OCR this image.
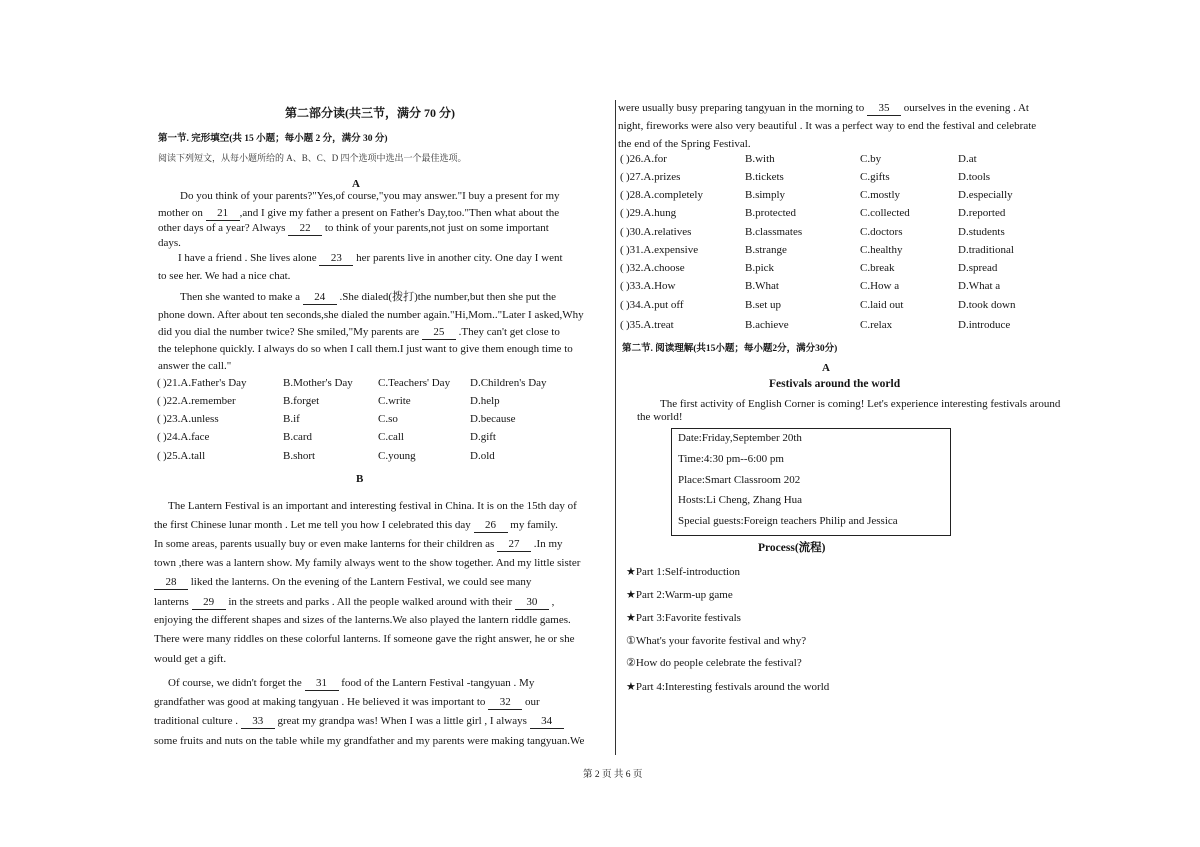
第二部分读(共三节，满分 70 分)
第一节. 完形填空(共 15 小题；每小题 2 分，满分 30 分)
阅读下列短文，从每小题所给的 A、B、C、D 四个选项中选出一个最佳选项。
A
Do you think of your parents?"Yes,of course,"you may answer."I buy a present for my
mother on 21 ,and I give my father a present on Father's Day,too."Then what about the
other days of a year? Always 22 to think of your parents,not just on some important
days.
I have a friend . She lives alone 23 her parents live in another city. One day I went
to see her. We had a nice chat.
Then she wanted to make a 24 .She dialed(拨打)the number,but then she put the
phone down. After about ten seconds,she dialed the number again."Hi,Mom.."Later I asked,Why
did you dial the number twice? She smiled,"My parents are 25 .They can't get close to
the telephone quickly. I always do so when I call them.I just want to give them enough time to
answer the call."
( )21.A.Father's Day	B.Mother's Day C.Teachers' Day D.Children's Day
( )22.A.remember	B.forget	C.write	D.help
( )23.A.unless	B.if	C.so	D.because
( )24.A.face	B.card	C.call	D.gift
( )25.A.tall	B.short	C.young	D.old
B
The Lantern Festival is an important and interesting festival in China. It is on the 15th day of
the first Chinese lunar month . Let me tell you how I celebrated this day 26 my family.
In some areas, parents usually buy or even make lanterns for their children as 27 .In my
town ,there was a lantern show. My family always went to the show together. And my little sister
28 liked the lanterns. On the evening of the Lantern Festival, we could see many
lanterns 29 in the streets and parks . All the people walked around with their 30 ,
enjoying the different shapes and sizes of the lanterns.We also played the lantern riddle games.
There were many riddles on these colorful lanterns. If someone gave the right answer, he or she
would get a gift.
Of course, we didn't forget the 31 food of the Lantern Festival -tangyuan . My
grandfather was good at making tangyuan . He believed it was important to 32 our
traditional culture . 33 great my grandpa was! When I was a little girl , I always 34
some fruits and nuts on the table while my grandfather and my parents were making tangyuan.We
were usually busy preparing tangyuan in the morning to 35 ourselves in the evening . At
night, fireworks were also very beautiful . It was a perfect way to end the festival and celebrate
the end of the Spring Festival.
( )26.A.for	B.with	C.by	D.at
( )27.A.prizes	B.tickets	C.gifts	D.tools
( )28.A.completely	B.simply	C.mostly	D.especially
( )29.A.hung	B.protected	C.collected	D.reported
( )30.A.relatives	B.classmates	C.doctors	D.students
( )31.A.expensive	B.strange	C.healthy	D.traditional
( )32.A.choose	B.pick	C.break	D.spread
( )33.A.How	B.What	C.How a	D.What a
( )34.A.put off	B.set up	C.laid out	D.took down
( )35.A.treat	B.achieve	C.relax	D.introduce
第二节. 阅读理解(共15小题；每小题2分，满分30分)
A
Festivals around the world
The first activity of English Corner is coming! Let's experience interesting festivals around
the world!
Date:Friday,September 20th
Time:4:30 pm--6:00 pm
Place:Smart Classroom 202
Hosts:Li Cheng, Zhang Hua
Special guests:Foreign teachers Philip and Jessica
Process(流程)
★Part 1:Self-introduction
★Part 2:Warm-up game
★Part 3:Favorite festivals
①What's your favorite festival and why?
②How do people celebrate the festival?
★Part 4:Interesting festivals around the world
第 2 页 共 6 页
